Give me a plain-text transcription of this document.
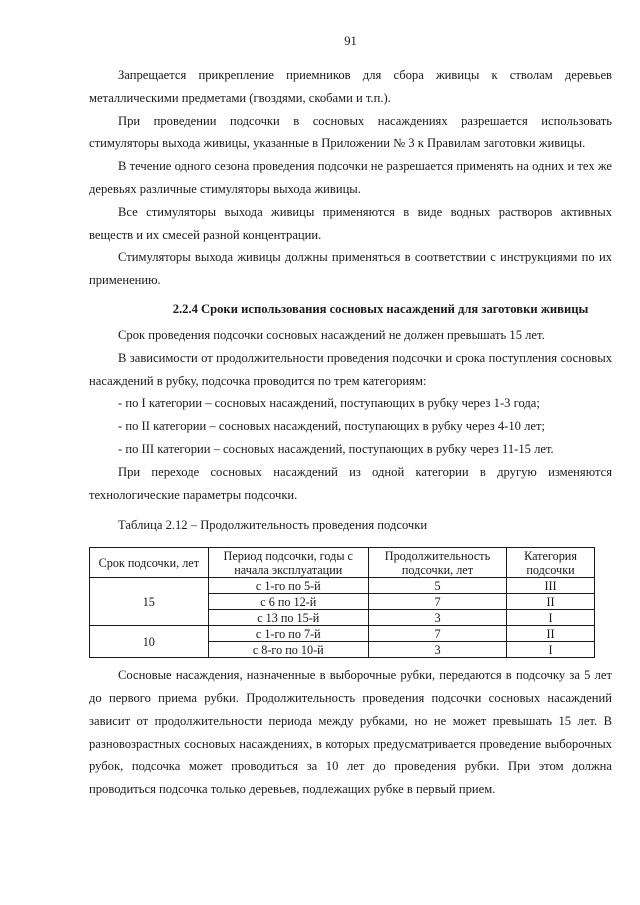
91

Запрещается прикрепление приемников для сбора живицы к стволам деревьев металлическими предметами (гвоздями, скобами и т.п.).

При проведении подсочки в сосновых насаждениях разрешается использовать стимуляторы выхода живицы, указанные в Приложении № 3 к Правилам заготовки живицы.

В течение одного сезона проведения подсочки не разрешается применять на одних и тех же деревьях различные стимуляторы выхода живицы.

Все стимуляторы выхода живицы применяются в виде водных растворов активных веществ и их смесей разной концентрации.

Стимуляторы выхода живицы должны применяться в соответствии с инструкциями по их применению.

2.2.4 Сроки использования сосновых насаждений для заготовки живицы

Срок проведения подсочки сосновых насаждений не должен превышать 15 лет.

В зависимости от продолжительности проведения подсочки и срока поступления сосновых насаждений в рубку, подсочка проводится по трем категориям:

- по I категории – сосновых насаждений, поступающих в рубку через 1-3 года;

- по II категории – сосновых насаждений, поступающих в рубку через 4-10 лет;

- по III категории – сосновых насаждений, поступающих в рубку через 11-15 лет.

При переходе сосновых насаждений из одной категории в другую изменяются технологические параметры подсочки.

Таблица 2.12 – Продолжительность проведения подсочки
Срок подсочки, лет	Период подсочки, годы с начала эксплуатации	Продолжительность подсочки, лет	Категория подсочки
15	с 1-го по 5-й	5	III
	с 6 по 12-й	7	II
	с 13 по 15-й	3	I
10	с 1-го по 7-й	7	II
	с 8-го по 10-й	3	I

Сосновые насаждения, назначенные в выборочные рубки, передаются в подсочку за 5 лет до первого приема рубки. Продолжительность проведения подсочки сосновых насаждений зависит от продолжительности периода между рубками, но не может превышать 15 лет. В разновозрастных сосновых насаждениях, в которых предусматривается проведение выборочных рубок, подсочка может проводиться за 10 лет до проведения рубки. При этом должна проводиться подсочка только деревьев, подлежащих рубке в первый прием.
